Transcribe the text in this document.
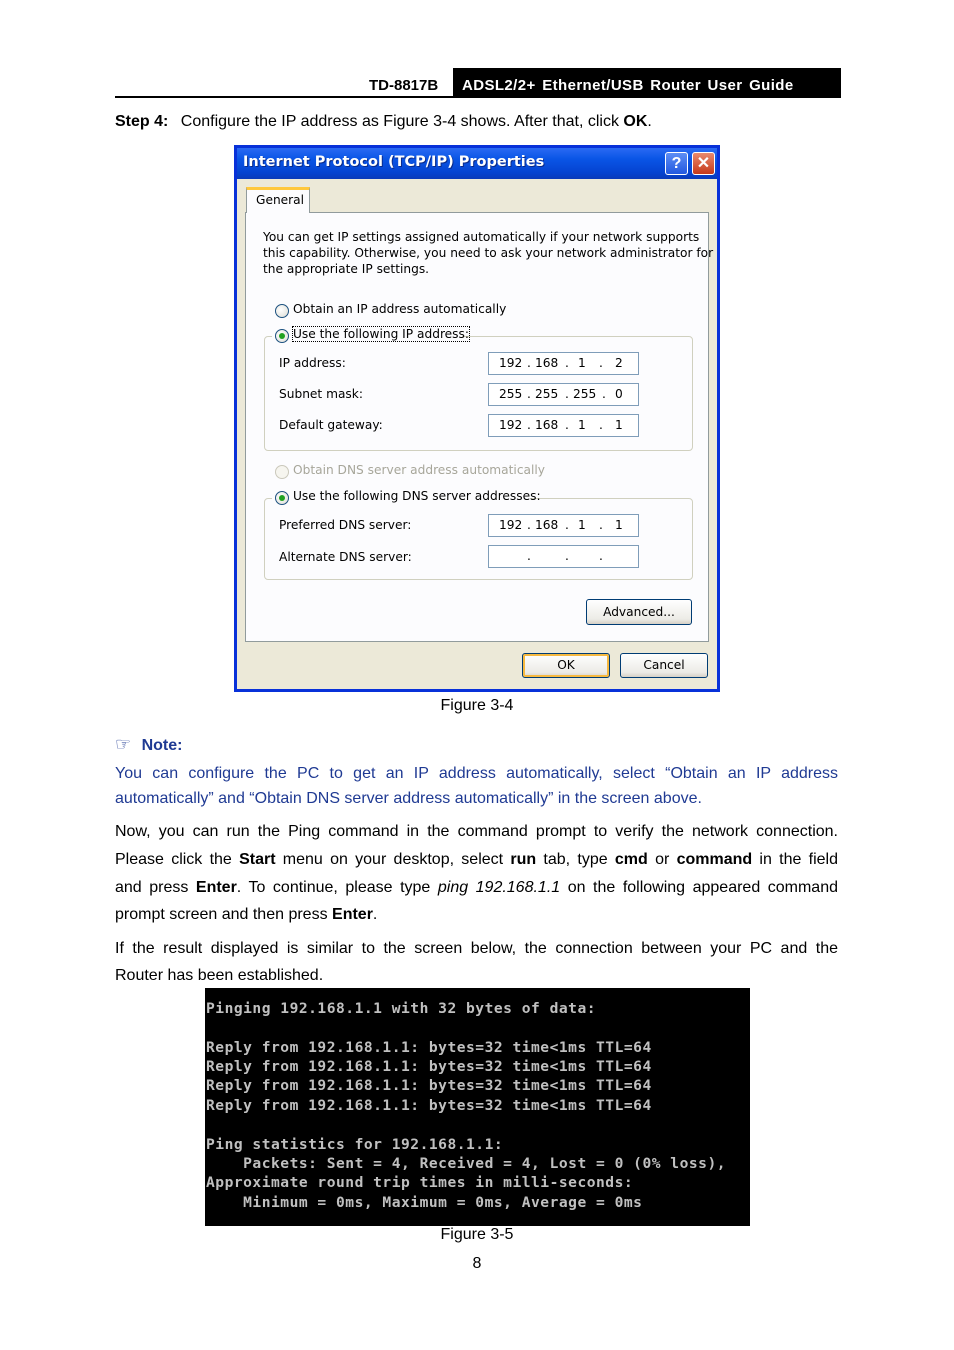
TD-8817B ADSL2/2+ Ethernet/USB Router User Guide
Step 4: Configure the IP address as Figure 3-4 shows. After that, click OK.
Internet Protocol (TCP/IP) Properties	? ✕
General
You can get IP settings assigned automatically if your network supports
this capability. Otherwise, you need to ask your network administrator for
the appropriate IP settings.
Obtain an IP address automatically
Use the following IP address:
IP address:	192 . 168 . 1 . 2
Subnet mask:	255 . 255 . 255 . 0
Default gateway:	192 . 168 . 1 . 1
Obtain DNS server address automatically
Use the following DNS server addresses:
Preferred DNS server:	192 . 168 . 1 . 1
Alternate DNS server:	.	. .
Advanced...
OK	Cancel
Figure 3-4
☞ Note:
You can configure the PC to get an IP address automatically, select “Obtain an IP address
automatically” and “Obtain DNS server address automatically” in the screen above.
Now, you can run the Ping command in the command prompt to verify the network connection.
Please click the Start menu on your desktop, select run tab, type cmd or command in the field
and press Enter. To continue, please type ping 192.168.1.1 on the following appeared command
prompt screen and then press Enter.
If the result displayed is similar to the screen below, the connection between your PC and the
Router has been established.
Pinging 192.168.1.1 with 32 bytes of data:
Reply from 192.168.1.1: bytes=32 time<1ms TTL=64
Reply from 192.168.1.1: bytes=32 time<1ms TTL=64
Reply from 192.168.1.1: bytes=32 time<1ms TTL=64
Reply from 192.168.1.1: bytes=32 time<1ms TTL=64
Ping statistics for 192.168.1.1:
Packets: Sent = 4, Received = 4, Lost = 0 (0% loss),
Approximate round trip times in milli-seconds:
Minimum = 0ms, Maximum = 0ms, Average = 0ms
Figure 3-5
8
